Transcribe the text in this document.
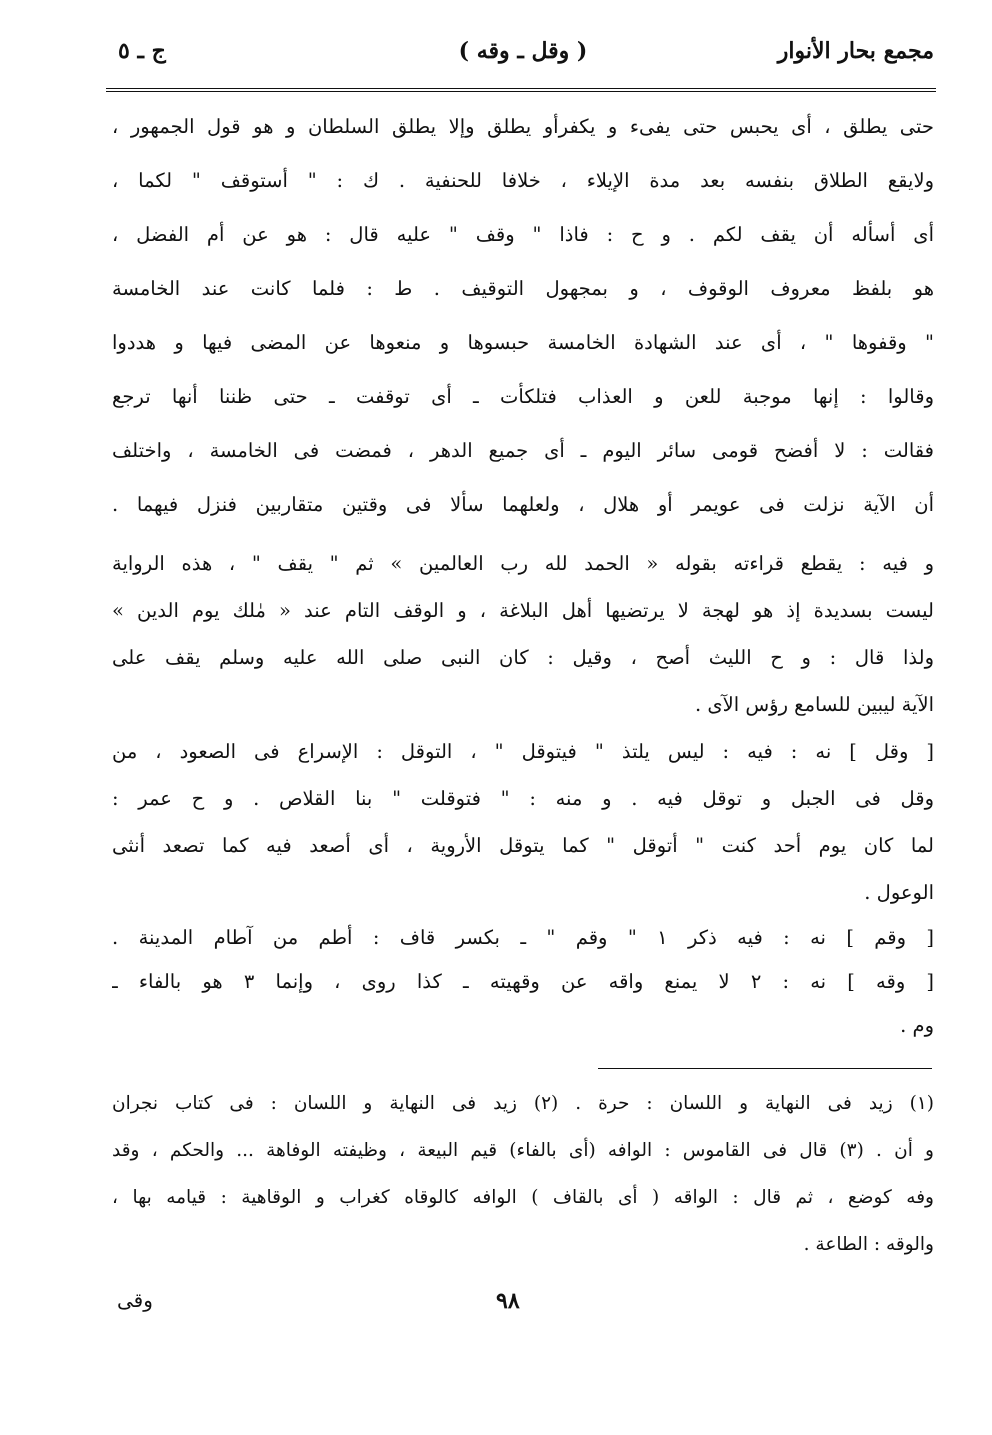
مجمع بحار الأنوار
( وقل ـ وقه )
ج ـ ٥
حتى يطلق ، أى يحبس حتى يفىء و يكفرأو يطلق وإلا يطلق السلطان و هو قول الجمهور ،
ولايقع الطلاق بنفسه بعد مدة الإيلاء ، خلافا للحنفية . ك : " أستوقف " لكما ،
أى أسأله أن يقف لكم . و ح : فاذا " وقف " عليه قال : هو عن أم الفضل ،
هو بلفظ معروف الوقوف ، و بمجهول التوقيف . ط : فلما كانت عند الخامسة
" وقفوها " ، أى عند الشهادة الخامسة حبسوها و منعوها عن المضى فيها و هددوا
وقالوا : إنها موجبة للعن و العذاب فتلكأت ـ أى توقفت ـ حتى ظننا أنها ترجع
فقالت : لا أفضح قومى سائر اليوم ـ أى جميع الدهر ، فمضت فى الخامسة ، واختلف
أن الآية نزلت فى عويمر أو هلال ، ولعلهما سألا فى وقتين متقاربين فنزل فيهما .
و فيه : يقطع قراءته بقوله « الحمد لله رب العالمين » ثم " يقف " ، هذه الرواية
ليست بسديدة إذ هو لهجة لا يرتضيها أهل البلاغة ، و الوقف التام عند « مٰلك يوم الدين »
ولذا قال : و ح الليث أصح ، وقيل : كان النبى صلى الله عليه وسلم يقف على
الآية ليبين للسامع رؤس الآى .
[ وقل ] نه : فيه : ليس يلتذ " فيتوقل " ، التوقل : الإسراع فى الصعود ، من
وقل فى الجبل و توقل فيه . و منه : " فتوقلت " بنا القلاص . و ح عمر :
لما كان يوم أحد كنت " أتوقل " كما يتوقل الأروية ، أى أصعد فيه كما تصعد أنثى
الوعول .
[ وقم ] نه : فيه ذكر ١ " وقم " ـ بكسر قاف : أطم من آطام المدينة .
[ وقه ] نه : ٢ لا يمنع واقه عن وقهيته ـ كذا روى ، وإنما ٣ هو بالفاء ـ
وم .
(١) زيد فى النهاية و اللسان : حرة . (٢) زيد فى النهاية و اللسان : فى كتاب نجران
و أن . (٣) قال فى القاموس : الوافه (أى بالفاء) قيم البيعة ، وظيفته الوفاهة ... والحكم ، وقد
وفه كوضع ، ثم قال : الواقه ( أى بالقاف ) الوافه كالوقاه كغراب و الوقاهية : قيامه بها ،
والوقه : الطاعة .
وقى	٩٨
